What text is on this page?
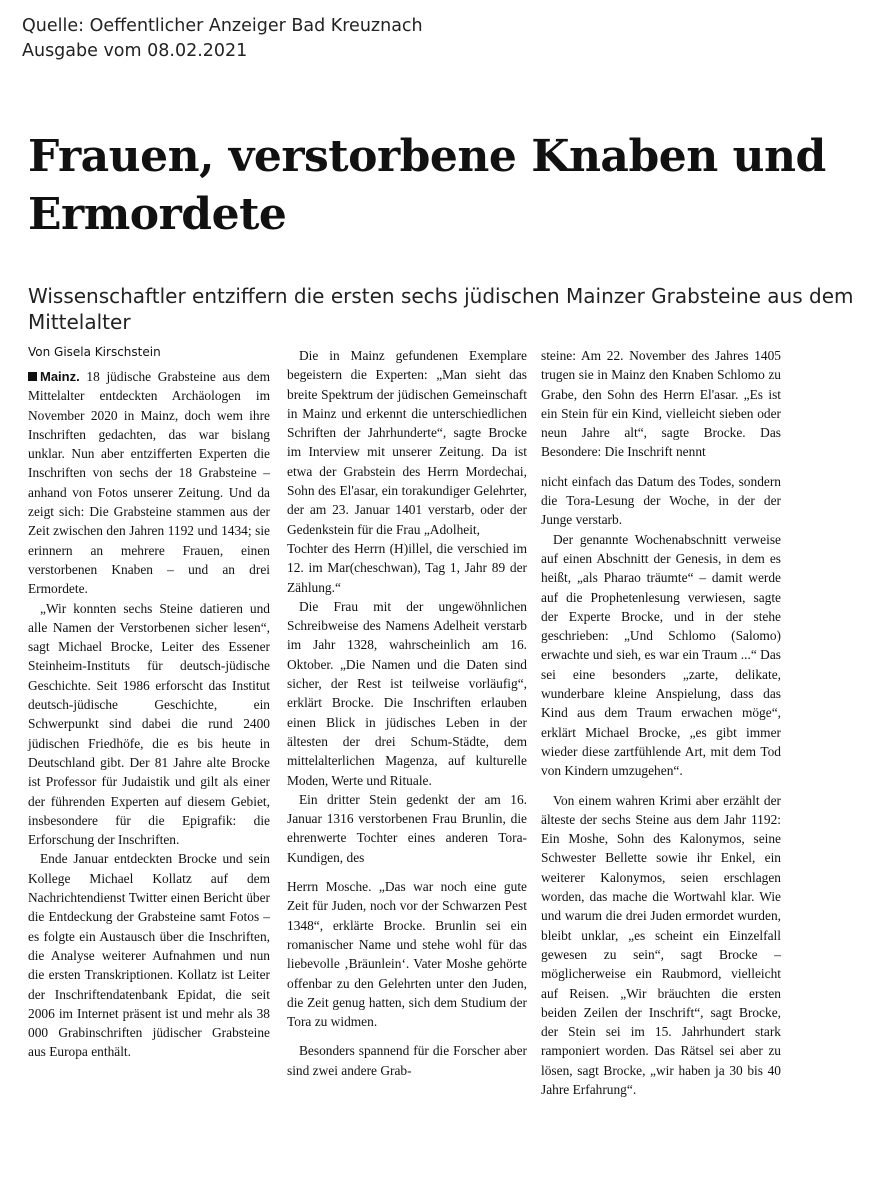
Quelle: Oeffentlicher Anzeiger Bad Kreuznach
Ausgabe vom 08.02.2021
Frauen, verstorbene Knaben und Ermordete
Wissenschaftler entziffern die ersten sechs jüdischen Mainzer Grabsteine aus dem Mittelalter
Von Gisela Kirschstein

Mainz. 18 jüdische Grabsteine aus dem Mittelalter entdeckten Archäologen im November 2020 in Mainz, doch wem ihre Inschriften gedachten, das war bislang unklar. Nun aber entzifferten Experten die Inschriften von sechs der 18 Grabsteine – anhand von Fotos unserer Zeitung. Und da zeigt sich: Die Grabsteine stammen aus der Zeit zwischen den Jahren 1192 und 1434; sie erinnern an mehrere Frauen, einen verstorbenen Knaben – und an drei Ermordete.

„Wir konnten sechs Steine datieren und alle Namen der Verstorbenen sicher lesen“, sagt Michael Brocke, Leiter des Essener Steinheim-Instituts für deutsch-jüdische Geschichte. Seit 1986 erforscht das Institut deutsch-jüdische Geschichte, ein Schwerpunkt sind dabei die rund 2400 jüdischen Friedhöfe, die es bis heute in Deutschland gibt. Der 81 Jahre alte Brocke ist Professor für Judaistik und gilt als einer der führenden Experten auf diesem Gebiet, insbesondere für die Epigrafik: die Erforschung der Inschriften.

Ende Januar entdeckten Brocke und sein Kollege Michael Kollatz auf dem Nachrichtendienst Twitter einen Bericht über die Entdeckung der Grabsteine samt Fotos – es folgte ein Austausch über die Inschriften, die Analyse weiterer Aufnahmen und nun die ersten Transkriptionen. Kollatz ist Leiter der Inschriftendatenbank Epidat, die seit 2006 im Internet präsent ist und mehr als 38 000 Grabinschriften jüdischer Grabsteine aus Europa enthält.

Die in Mainz gefundenen Exemplare begeistern die Experten: „Man sieht das breite Spektrum der jüdischen Gemeinschaft in Mainz und erkennt die unterschiedlichen Schriften der Jahrhunderte“, sagte Brocke im Interview mit unserer Zeitung. Da ist etwa der Grabstein des Herrn Mordechai, Sohn des El'asar, ein torakundiger Gelehrter, der am 23. Januar 1401 verstarb, oder der Gedenkstein für die Frau „Adolheit,

Tochter des Herrn (H)illel, die verschied im 12. im Mar(cheschwan), Tag 1, Jahr 89 der Zählung.“

Die Frau mit der ungewöhnlichen Schreibweise des Namens Adelheit verstarb im Jahr 1328, wahrscheinlich am 16. Oktober. „Die Namen und die Daten sind sicher, der Rest ist teilweise vorläufig“, erklärt Brocke. Die Inschriften erlauben einen Blick in jüdisches Leben in der ältesten der drei Schum-Städte, dem mittelalterlichen Magenza, auf kulturelle Moden, Werte und Rituale.

Ein dritter Stein gedenkt der am 16. Januar 1316 verstorbenen Frau Brunlin, die ehrenwerte Tochter eines anderen Tora-Kundigen, des

Herrn Mosche. „Das war noch eine gute Zeit für Juden, noch vor der Schwarzen Pest 1348“, erklärte Brocke. Brunlin sei ein romanischer Name und stehe wohl für das liebevolle ‚Bräunlein‘. Vater Moshe gehörte offenbar zu den Gelehrten unter den Juden, die Zeit genug hatten, sich dem Studium der Tora zu widmen.

Besonders spannend für die Forscher aber sind zwei andere Grab-

steine: Am 22. November des Jahres 1405 trugen sie in Mainz den Knaben Schlomo zu Grabe, den Sohn des Herrn El'asar. „Es ist ein Stein für ein Kind, vielleicht sieben oder neun Jahre alt“, sagte Brocke. Das Besondere: Die Inschrift nennt

nicht einfach das Datum des Todes, sondern die Tora-Lesung der Woche, in der der Junge verstarb.

Der genannte Wochenabschnitt verweise auf einen Abschnitt der Genesis, in dem es heißt, „als Pharao träumte“ – damit werde auf die Prophetenlesung verwiesen, sagte der Experte Brocke, und in der stehe geschrieben: „Und Schlomo (Salomo) erwachte und sieh, es war ein Traum ...“ Das sei eine besonders „zarte, delikate, wunderbare kleine Anspielung, dass das Kind aus dem Traum erwachen möge“, erklärt Michael Brocke, „es gibt immer wieder diese zartfühlende Art, mit dem Tod von Kindern umzugehen“.

Von einem wahren Krimi aber erzählt der älteste der sechs Steine aus dem Jahr 1192: Ein Moshe, Sohn des Kalonymos, seine Schwester Bellette sowie ihr Enkel, ein weiterer Kalonymos, seien erschlagen worden, das mache die Wortwahl klar. Wie und warum die drei Juden ermordet wurden, bleibt unklar, „es scheint ein Einzelfall gewesen zu sein“, sagt Brocke – möglicherweise ein Raubmord, vielleicht auf Reisen. „Wir bräuchten die ersten beiden Zeilen der Inschrift“, sagt Brocke, der Stein sei im 15. Jahrhundert stark ramponiert worden. Das Rätsel sei aber zu lösen, sagt Brocke, „wir haben ja 30 bis 40 Jahre Erfahrung“.
